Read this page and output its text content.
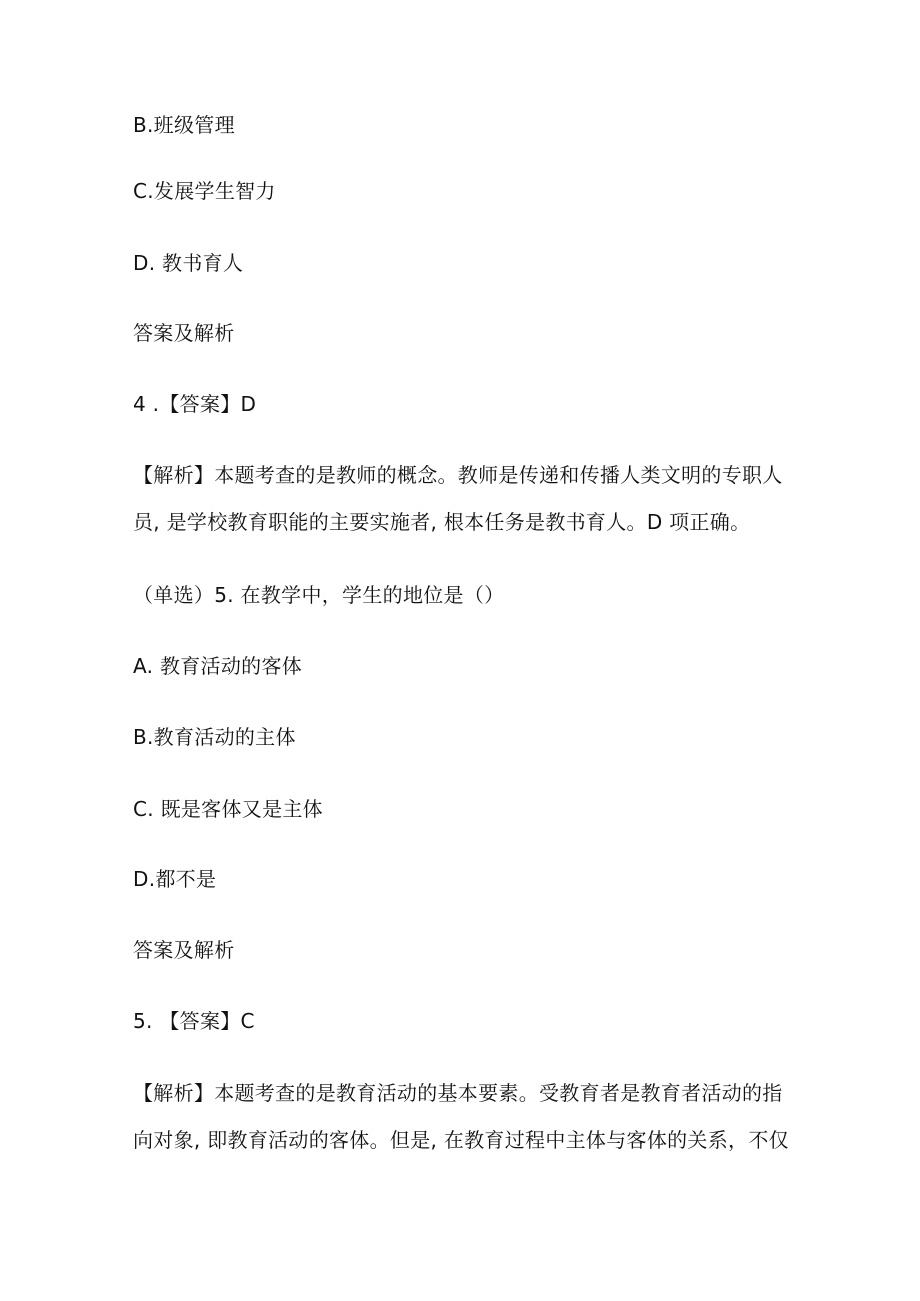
B.班级管理
C.发展学生智力
D. 教书育人
答案及解析
4 .【答案】D
【解析】本题考查的是教师的概念。教师是传递和传播人类文明的专职人
员, 是学校教育职能的主要实施者, 根本任务是教书育人。D 项正确。
（单选）5. 在教学中，学生的地位是（）
A. 教育活动的客体
B.教育活动的主体
C. 既是客体又是主体
D.都不是
答案及解析
5. 【答案】C
【解析】本题考查的是教育活动的基本要素。受教育者是教育者活动的指
向对象, 即教育活动的客体。但是, 在教育过程中主体与客体的关系，不仅
